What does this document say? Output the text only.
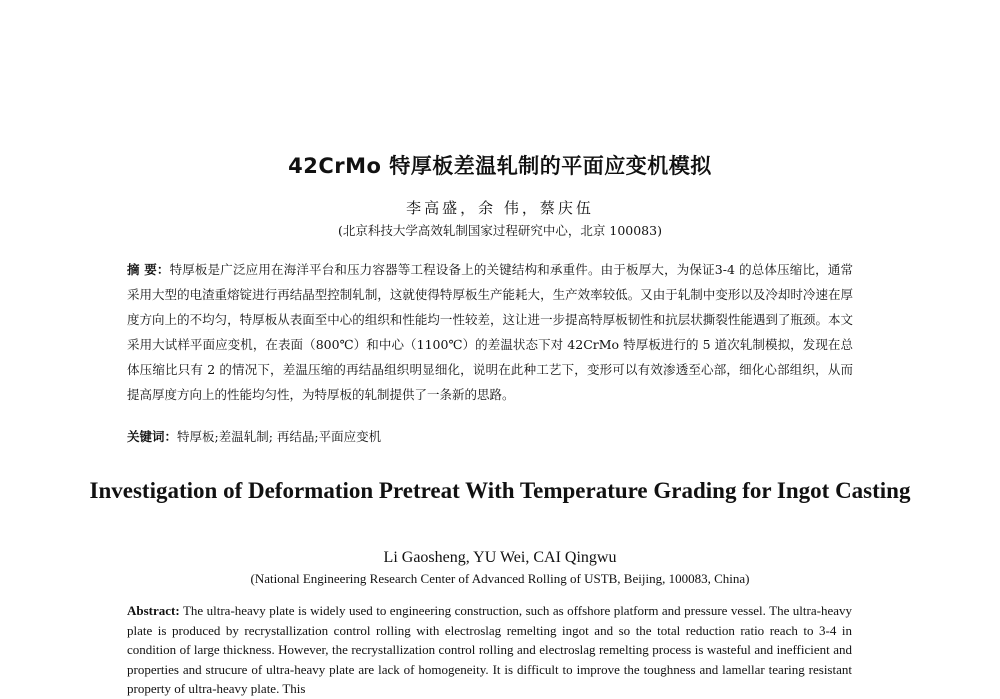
42CrMo 特厚板差温轧制的平面应变机模拟
李高盛，余 伟，蔡庆伍
(北京科技大学高效轧制国家过程研究中心，北京 100083)

摘 要：特厚板是广泛应用在海洋平台和压力容器等工程设备上的关键结构和承重件。由于板厚大，为保证3-4 的总体压缩比，通常采用大型的电渣重熔锭进行再结晶型控制轧制，这就使得特厚板生产能耗大，生产效率较低。又由于轧制中变形以及冷却时冷速在厚度方向上的不均匀，特厚板从表面至中心的组织和性能均一性较差，这让进一步提高特厚板韧性和抗层状撕裂性能遇到了瓶颈。本文采用大试样平面应变机，在表面（800℃）和中心（1100℃）的差温状态下对 42CrMo 特厚板进行的 5 道次轧制模拟，发现在总体压缩比只有 2 的情况下，差温压缩的再结晶组织明显细化，说明在此种工艺下，变形可以有效渗透至心部，细化心部组织，从而提高厚度方向上的性能均匀性，为特厚板的轧制提供了一条新的思路。

关键词：特厚板;差温轧制; 再结晶;平面应变机

Investigation of Deformation Pretreat With Temperature Grading for Ingot Casting
Li Gaosheng, YU Wei, CAI Qingwu
(National Engineering Research Center of Advanced Rolling of USTB, Beijing, 100083, China)

Abstract: The ultra-heavy plate is widely used to engineering construction, such as offshore platform and pressure vessel. The ultra-heavy plate is produced by recrystallization control rolling with electroslag remelting ingot and so the total reduction ratio reach to 3-4 in condition of large thickness. However, the recrystallization control rolling and electroslag remelting process is wasteful and inefficient and properties and strucure of ultra-heavy plate are lack of homogeneity. It is difficult to improve the toughness and lamellar tearing resistant property of ultra-heavy plate. This
